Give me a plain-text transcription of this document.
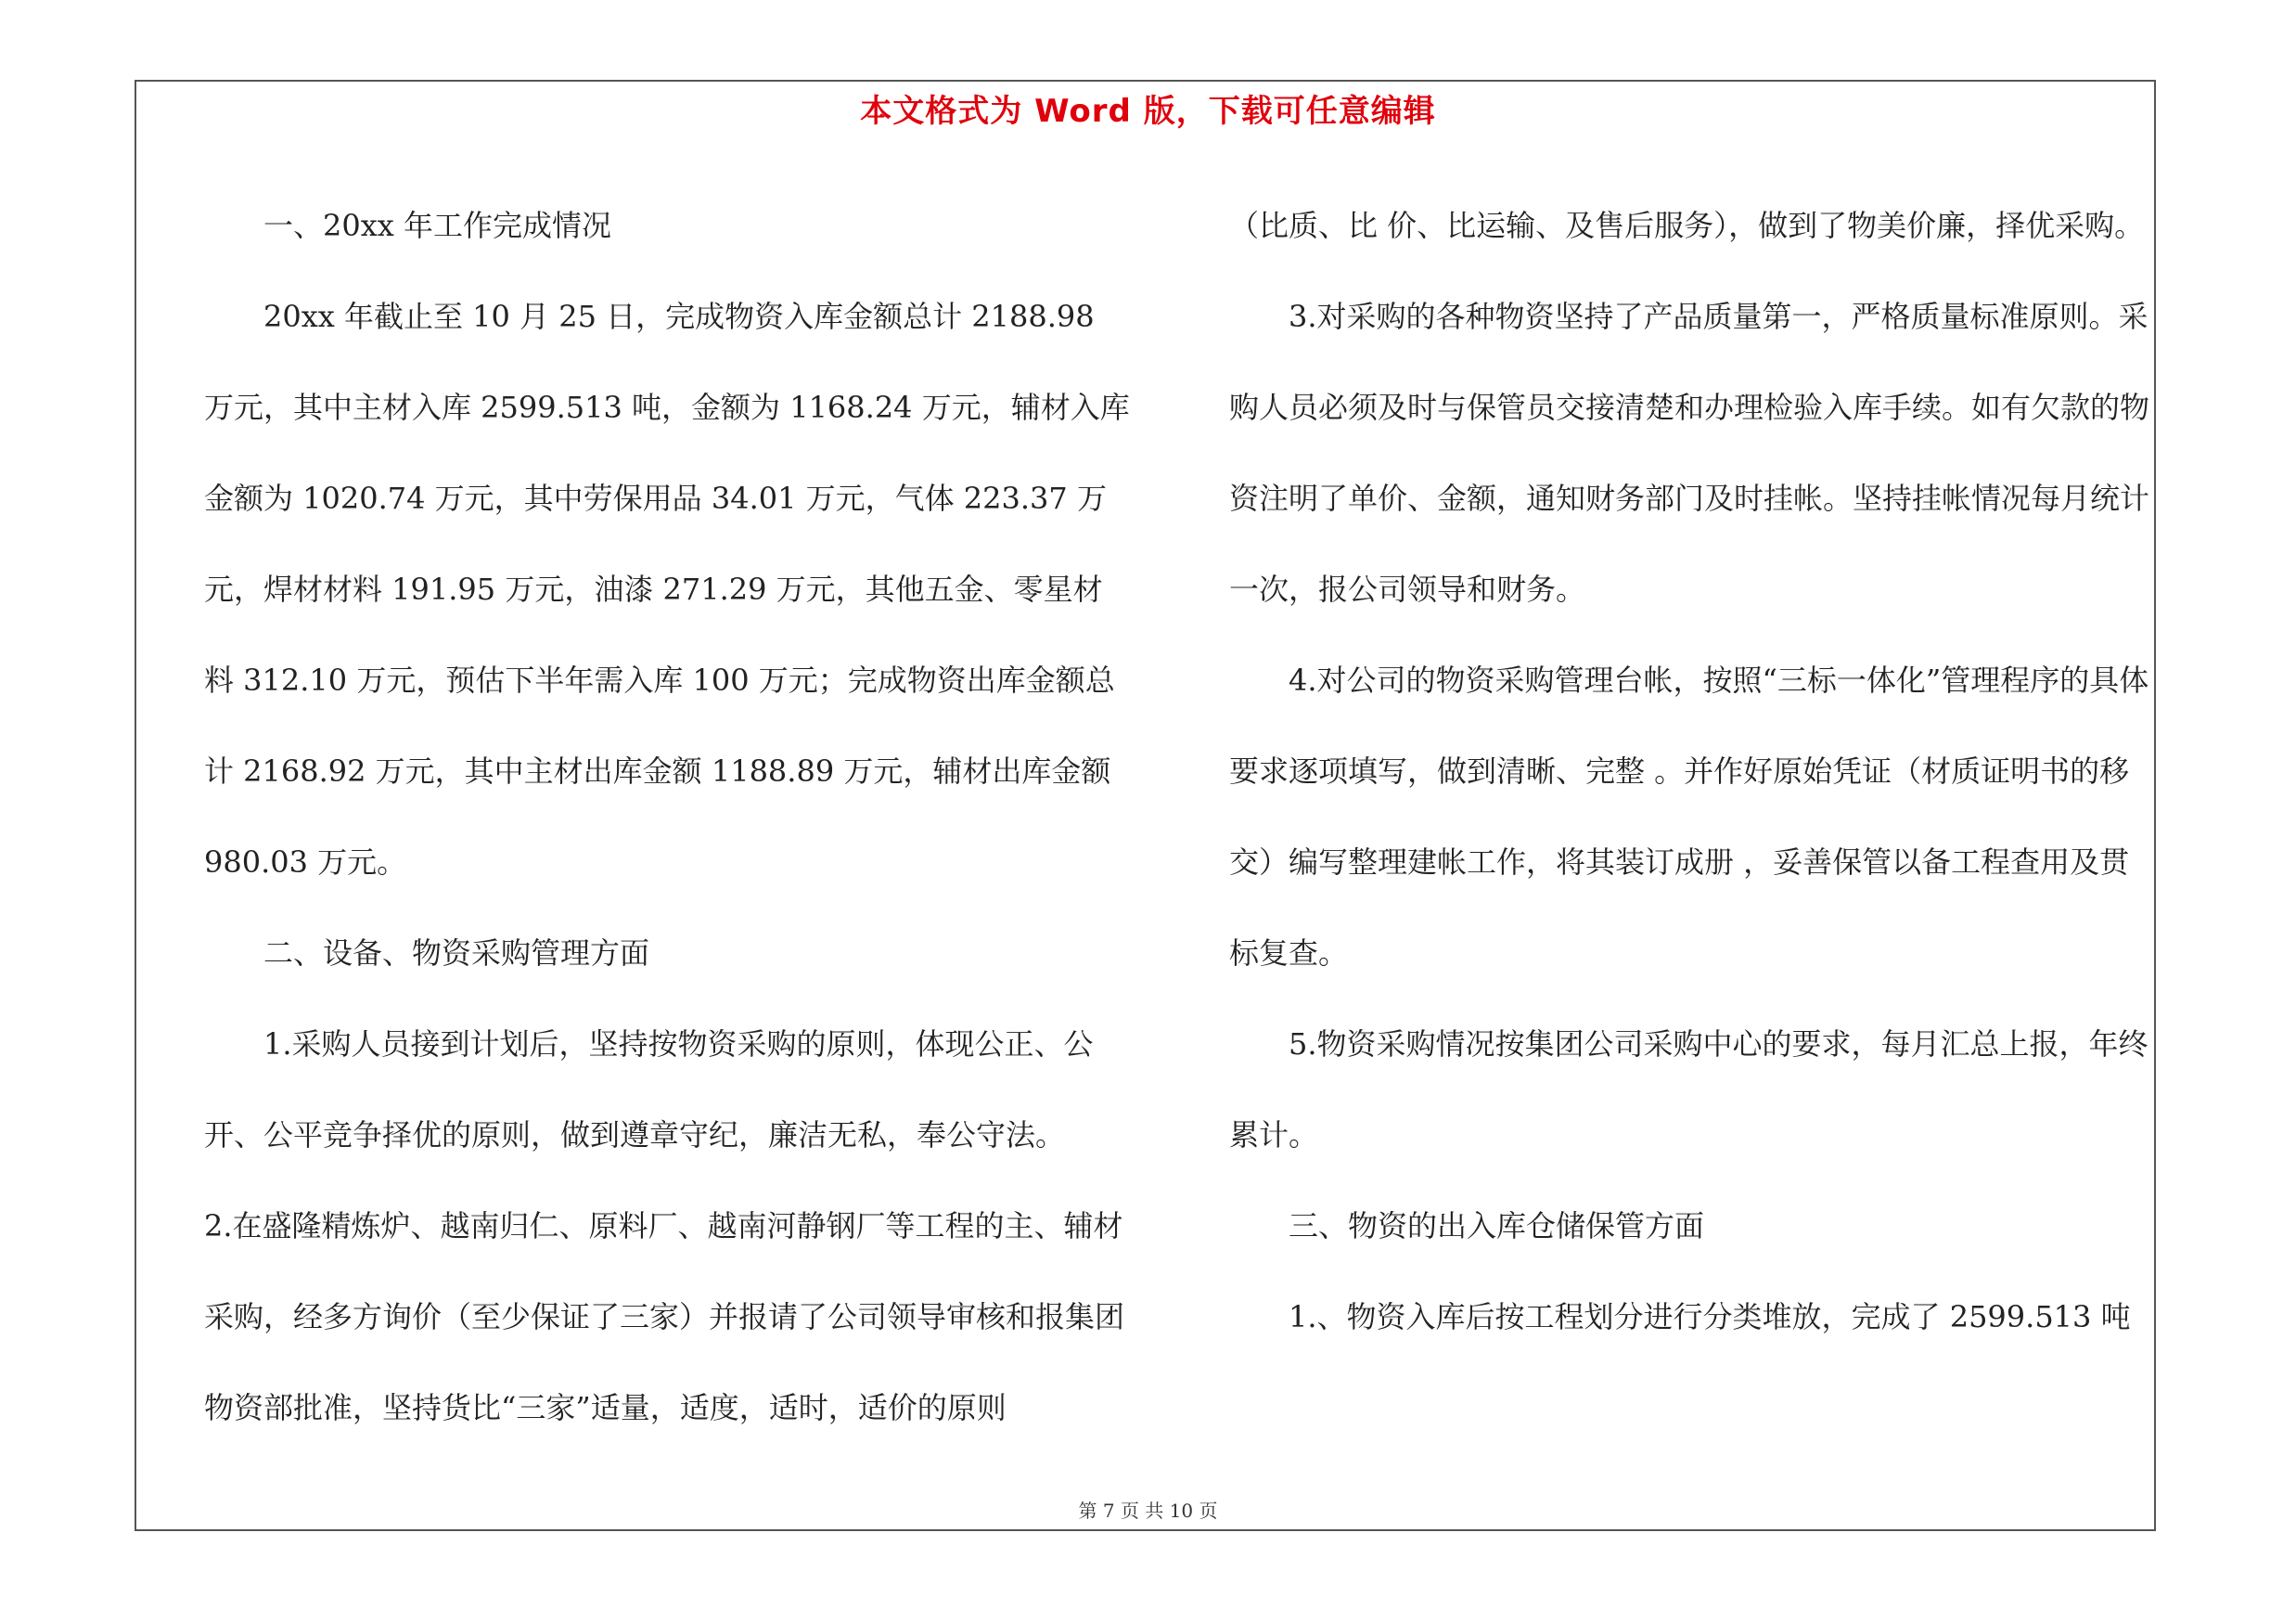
本文格式为 Word 版，下载可任意编辑

一、20xx 年工作完成情况

20xx 年截止至 10 月 25 日，完成物资入库金额总计 2188.98 万元，其中主材入库 2599.513 吨，金额为 1168.24 万元，辅材入库金额为 1020.74 万元，其中劳保用品 34.01 万元，气体 223.37 万元，焊材材料 191.95 万元，油漆 271.29 万元，其他五金、零星材料 312.10 万元，预估下半年需入库 100 万元；完成物资出库金额总计 2168.92 万元，其中主材出库金额 1188.89 万元，辅材出库金额 980.03 万元。

二、设备、物资采购管理方面

1.采购人员接到计划后，坚持按物资采购的原则，体现公正、公开、公平竞争择优的原则，做到遵章守纪，廉洁无私，奉公守法。

2.在盛隆精炼炉、越南归仁、原料厂、越南河静钢厂等工程的主、辅材采购，经多方询价（至少保证了三家）并报请了公司领导审核和报集团物资部批准，坚持货比“三家”适量，适度，适时，适价的原则

（比质、比 价、比运输、及售后服务），做到了物美价廉，择优采购。

3.对采购的各种物资坚持了产品质量第一，严格质量标准原则。采购人员必须及时与保管员交接清楚和办理检验入库手续。如有欠款的物资注明了单价、金额，通知财务部门及时挂帐。坚持挂帐情况每月统计一次，报公司领导和财务。

4.对公司的物资采购管理台帐，按照“三标一体化”管理程序的具体要求逐项填写，做到清晰、完整 。并作好原始凭证（材质证明书的移交）编写整理建帐工作，将其装订成册 ，妥善保管以备工程查用及贯标复查。

5.物资采购情况按集团公司采购中心的要求，每月汇总上报，年终累计。

三、物资的出入库仓储保管方面

1.、物资入库后按工程划分进行分类堆放，完成了 2599.513 吨

第 7 页 共 10 页
